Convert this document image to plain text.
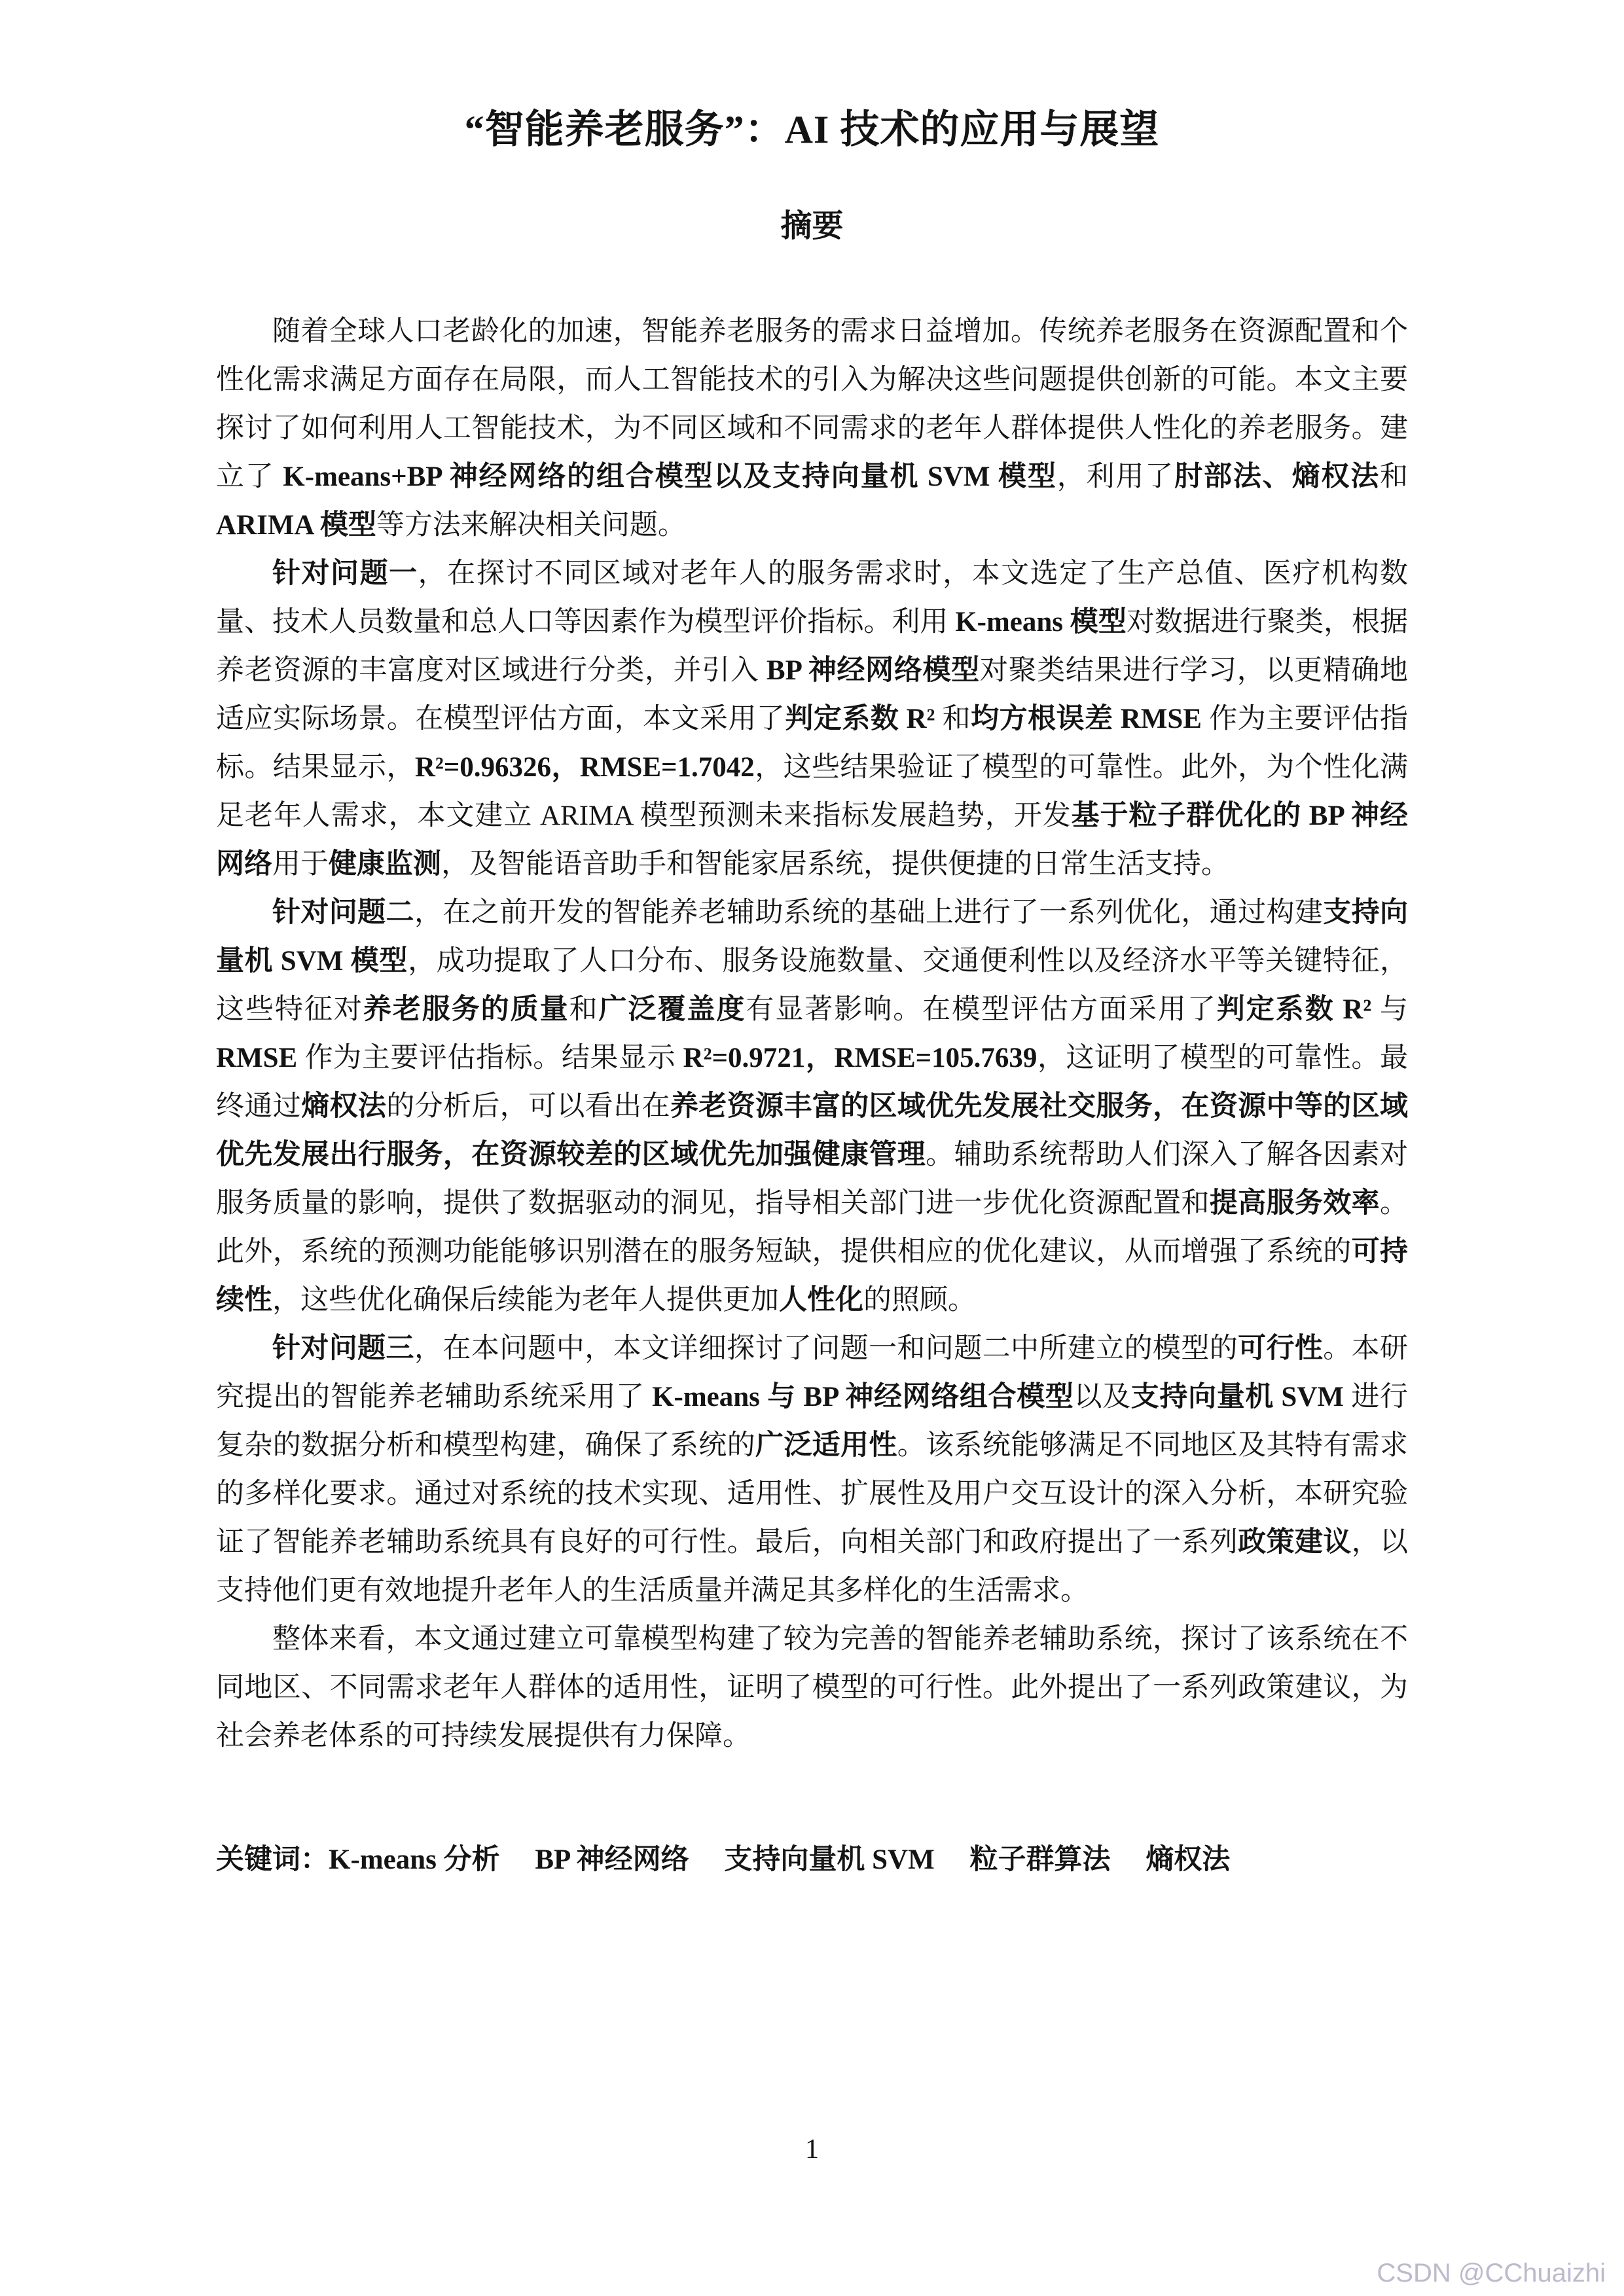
“智能养老服务”：AI 技术的应用与展望
摘要

随着全球人口老龄化的加速，智能养老服务的需求日益增加。传统养老服务在资源配置和个性化需求满足方面存在局限，而人工智能技术的引入为解决这些问题提供创新的可能。本文主要探讨了如何利用人工智能技术，为不同区域和不同需求的老年人群体提供人性化的养老服务。建立了 K-means+BP 神经网络的组合模型以及支持向量机 SVM 模型，利用了肘部法、熵权法和 ARIMA 模型等方法来解决相关问题。

针对问题一，在探讨不同区域对老年人的服务需求时，本文选定了生产总值、医疗机构数量、技术人员数量和总人口等因素作为模型评价指标。利用 K-means 模型对数据进行聚类，根据养老资源的丰富度对区域进行分类，并引入 BP 神经网络模型对聚类结果进行学习，以更精确地适应实际场景。在模型评估方面，本文采用了判定系数 R² 和均方根误差 RMSE 作为主要评估指标。结果显示，R²=0.96326，RMSE=1.7042，这些结果验证了模型的可靠性。此外，为个性化满足老年人需求，本文建立 ARIMA 模型预测未来指标发展趋势，开发基于粒子群优化的 BP 神经网络用于健康监测，及智能语音助手和智能家居系统，提供便捷的日常生活支持。

针对问题二，在之前开发的智能养老辅助系统的基础上进行了一系列优化，通过构建支持向量机 SVM 模型，成功提取了人口分布、服务设施数量、交通便利性以及经济水平等关键特征，这些特征对养老服务的质量和广泛覆盖度有显著影响。在模型评估方面采用了判定系数 R² 与 RMSE 作为主要评估指标。结果显示 R²=0.9721，RMSE=105.7639，这证明了模型的可靠性。最终通过熵权法的分析后，可以看出在养老资源丰富的区域优先发展社交服务，在资源中等的区域优先发展出行服务，在资源较差的区域优先加强健康管理。辅助系统帮助人们深入了解各因素对服务质量的影响，提供了数据驱动的洞见，指导相关部门进一步优化资源配置和提高服务效率。此外，系统的预测功能能够识别潜在的服务短缺，提供相应的优化建议，从而增强了系统的可持续性，这些优化确保后续能为老年人提供更加人性化的照顾。

针对问题三，在本问题中，本文详细探讨了问题一和问题二中所建立的模型的可行性。本研究提出的智能养老辅助系统采用了 K-means 与 BP 神经网络组合模型以及支持向量机 SVM 进行复杂的数据分析和模型构建，确保了系统的广泛适用性。该系统能够满足不同地区及其特有需求的多样化要求。通过对系统的技术实现、适用性、扩展性及用户交互设计的深入分析，本研究验证了智能养老辅助系统具有良好的可行性。最后，向相关部门和政府提出了一系列政策建议，以支持他们更有效地提升老年人的生活质量并满足其多样化的生活需求。

整体来看，本文通过建立可靠模型构建了较为完善的智能养老辅助系统，探讨了该系统在不同地区、不同需求老年人群体的适用性，证明了模型的可行性。此外提出了一系列政策建议，为社会养老体系的可持续发展提供有力保障。

关键词：K-means 分析　 BP 神经网络　 支持向量机 SVM　 粒子群算法　 熵权法

1
CSDN @CChuaizhi
